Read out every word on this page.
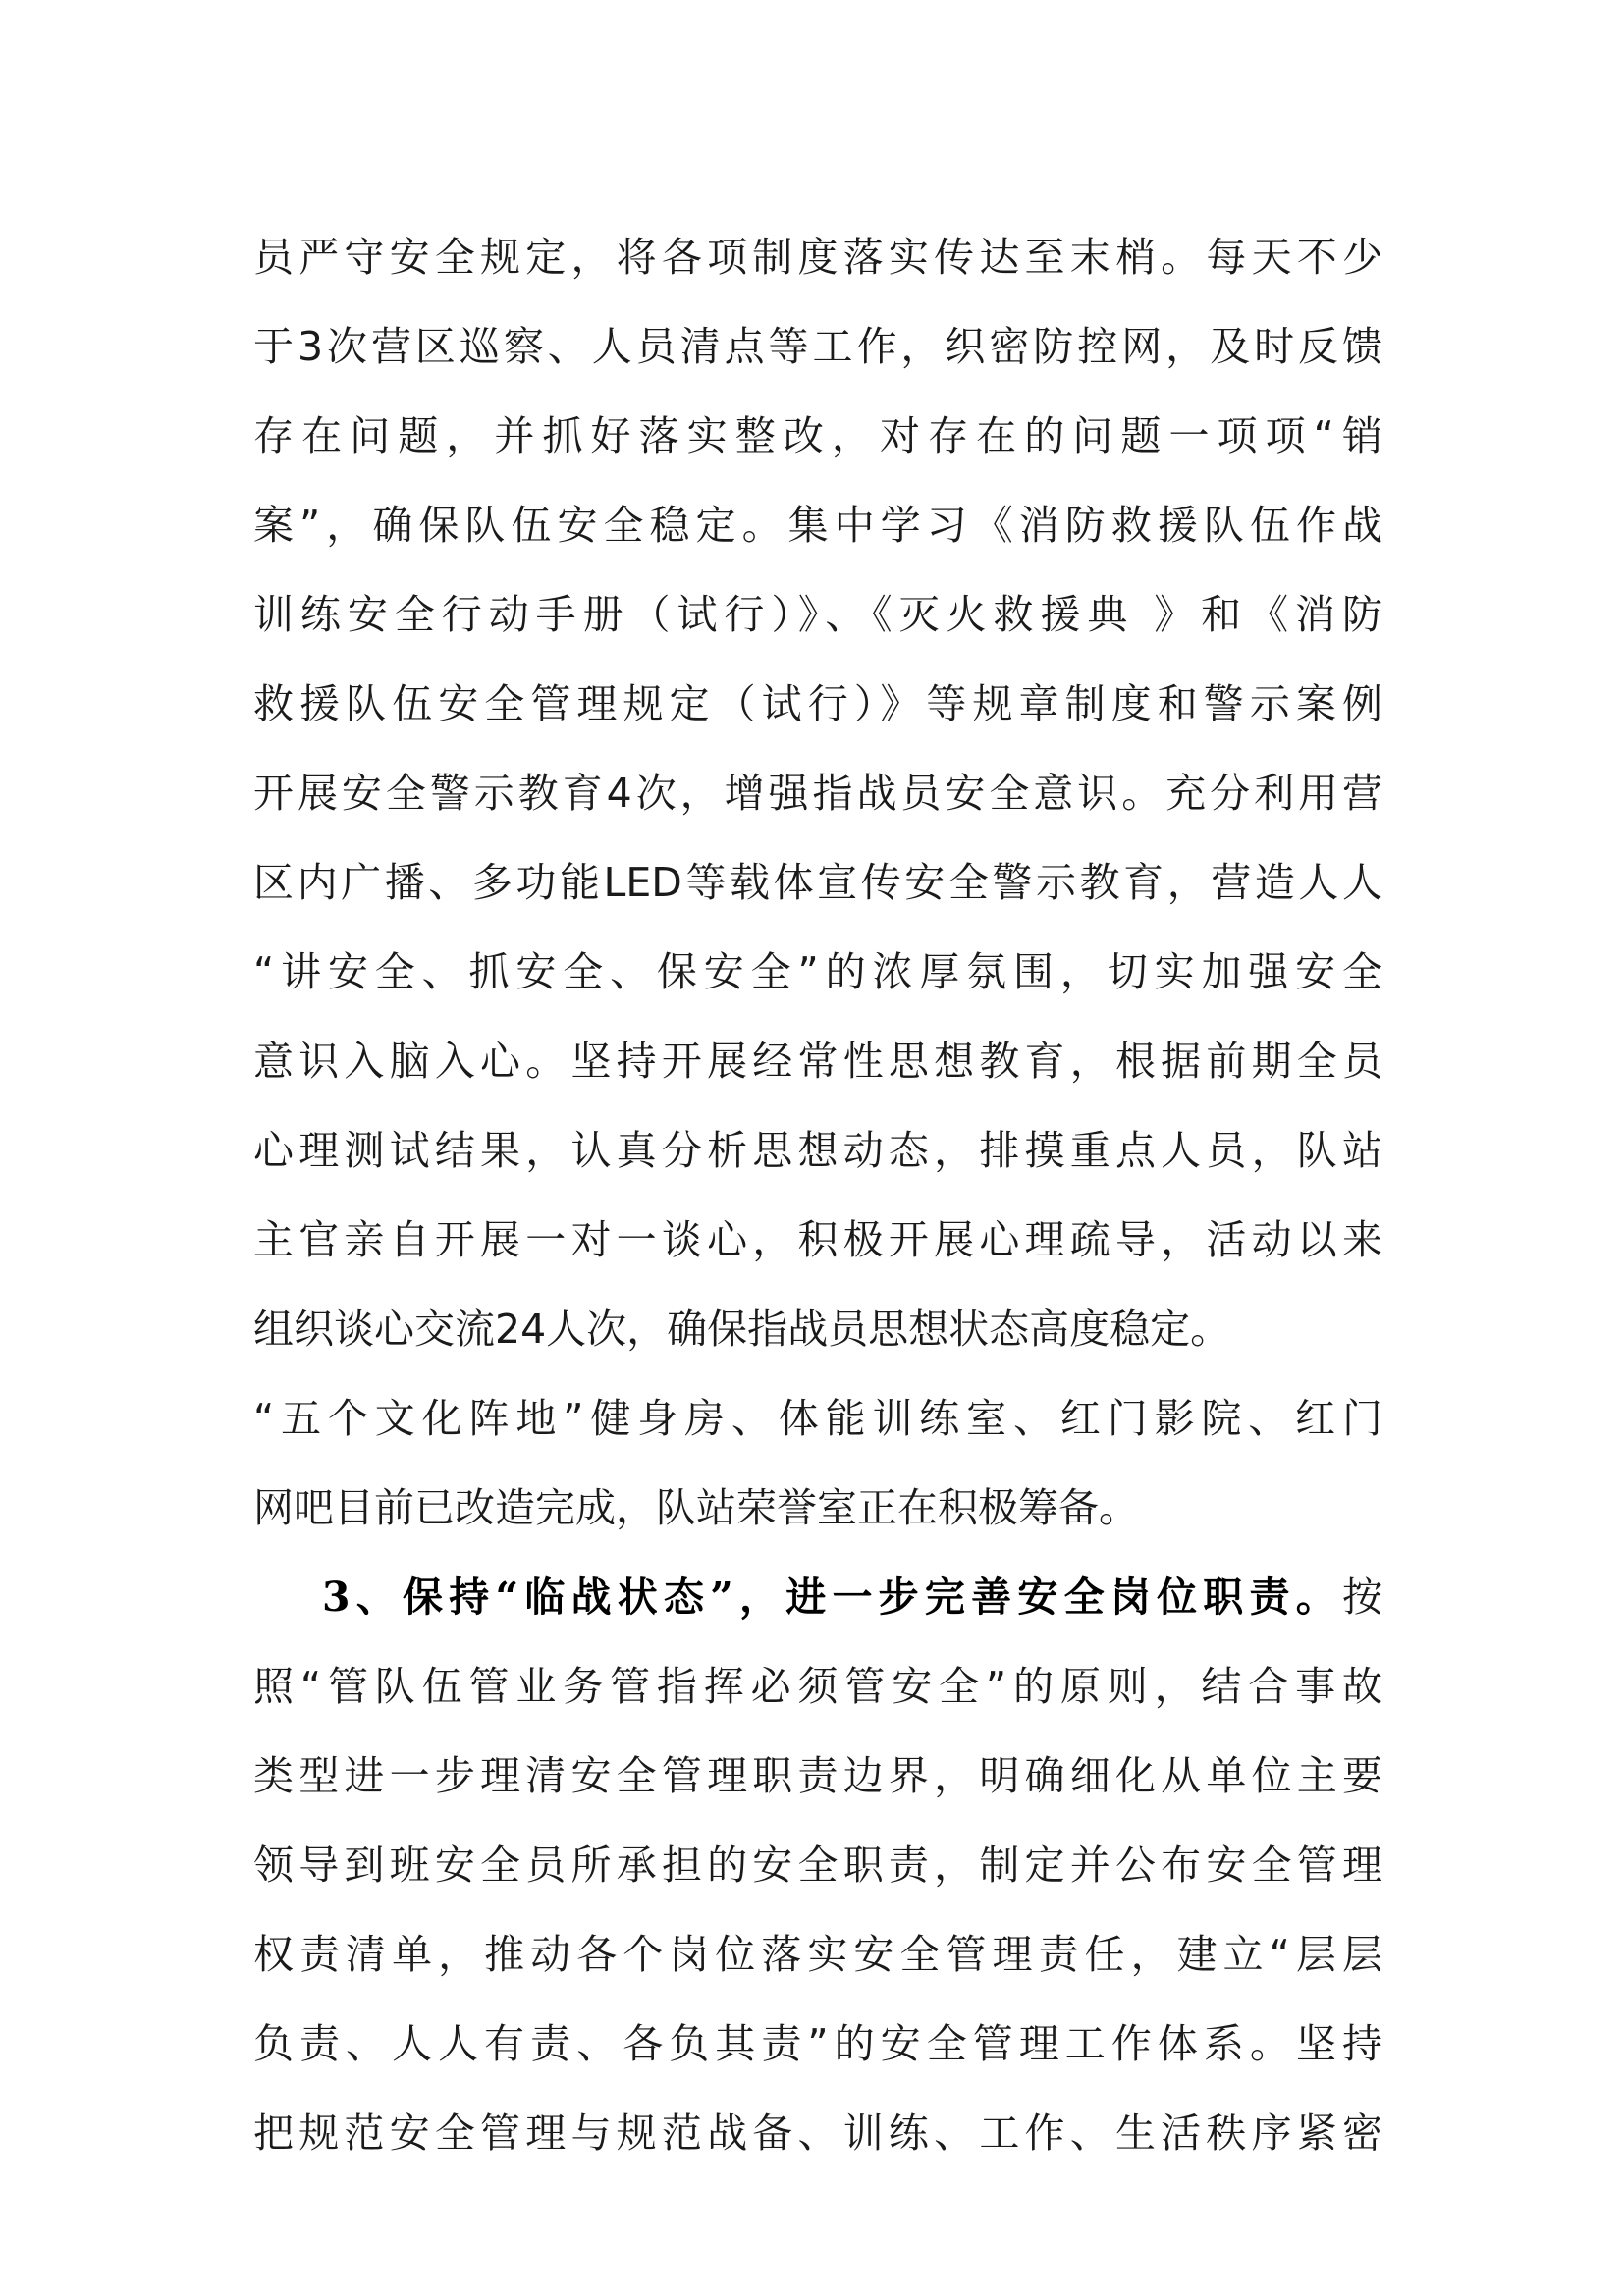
员严守安全规定，将各项制度落实传达至末梢。每天不少
于3次营区巡察、人员清点等工作，织密防控网，及时反馈
存在问题，并抓好落实整改，对存在的问题一项项“销
案”，确保队伍安全稳定。集中学习《消防救援队伍作战
训练安全行动手册（试行）》、《灭火救援典 》和《消防
救援队伍安全管理规定（试行）》等规章制度和警示案例
开展安全警示教育4次，增强指战员安全意识。充分利用营
区内广播、多功能LED等载体宣传安全警示教育，营造人人
“讲安全、抓安全、保安全”的浓厚氛围，切实加强安全
意识入脑入心。坚持开展经常性思想教育，根据前期全员
心理测试结果，认真分析思想动态，排摸重点人员，队站
主官亲自开展一对一谈心，积极开展心理疏导，活动以来
组织谈心交流24人次，确保指战员思想状态高度稳定。
“五个文化阵地”健身房、体能训练室、红门影院、红门
网吧目前已改造完成，队站荣誉室正在积极筹备。
3、保持“临战状态”，进一步完善安全岗位职责。按
照“管队伍管业务管指挥必须管安全”的原则，结合事故
类型进一步理清安全管理职责边界，明确细化从单位主要
领导到班安全员所承担的安全职责，制定并公布安全管理
权责清单，推动各个岗位落实安全管理责任，建立“层层
负责、人人有责、各负其责”的安全管理工作体系。坚持
把规范安全管理与规范战备、训练、工作、生活秩序紧密
